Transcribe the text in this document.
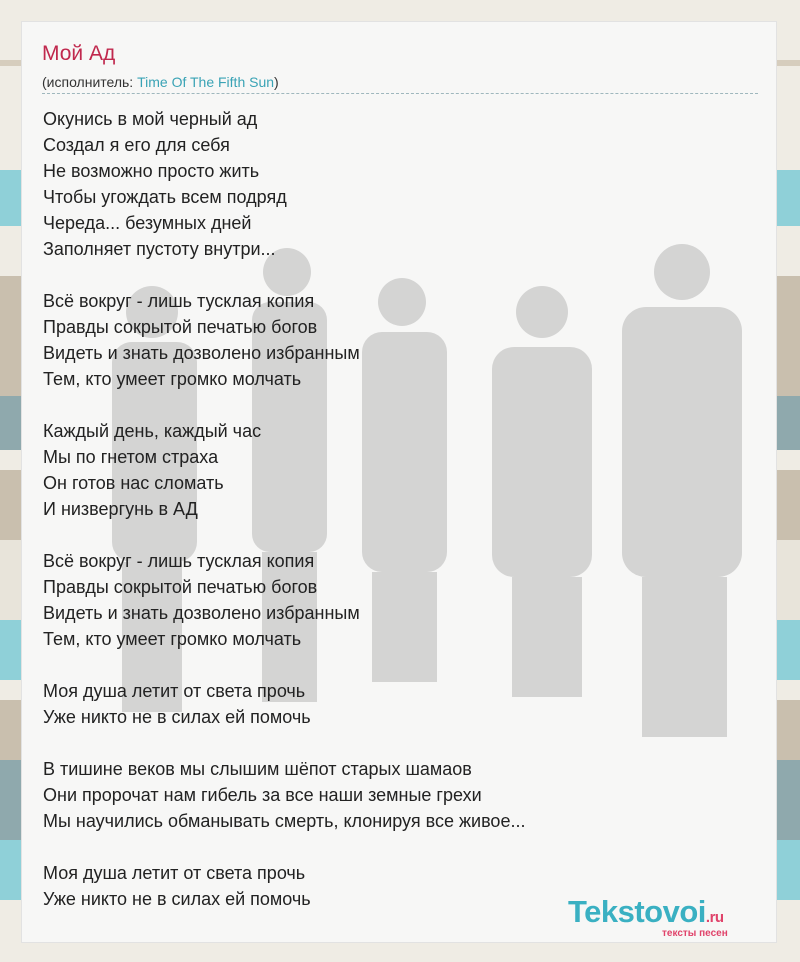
Мой Ад
(исполнитель: Time Of The Fifth Sun)
Окунись в мой черный ад
Создал я его для себя
Не возможно просто жить
Чтобы угождать всем подряд
Череда... безумных дней
Заполняет пустоту внутри...
Всё вокруг - лишь тусклая копия
Правды сокрытой печатью богов
Видеть и знать дозволено избранным
Тем, кто умеет громко молчать
Каждый день, каждый час
Мы по гнетом страха
Он готов нас сломать
И низвергунь в АД
Всё вокруг - лишь тусклая копия
Правды сокрытой печатью богов
Видеть и знать дозволено избранным
Тем, кто умеет громко молчать
Моя душа летит от света прочь
Уже никто не в силах ей помочь
В тишине веков мы слышим шёпот старых шамаов
Они пророчат нам гибель за все наши земные грехи
Мы научились обманывать смерть, клонируя все живое...
Моя душа летит от света прочь
Уже никто не в силах ей помочь	Tekstovoi.ru
тексты песен
